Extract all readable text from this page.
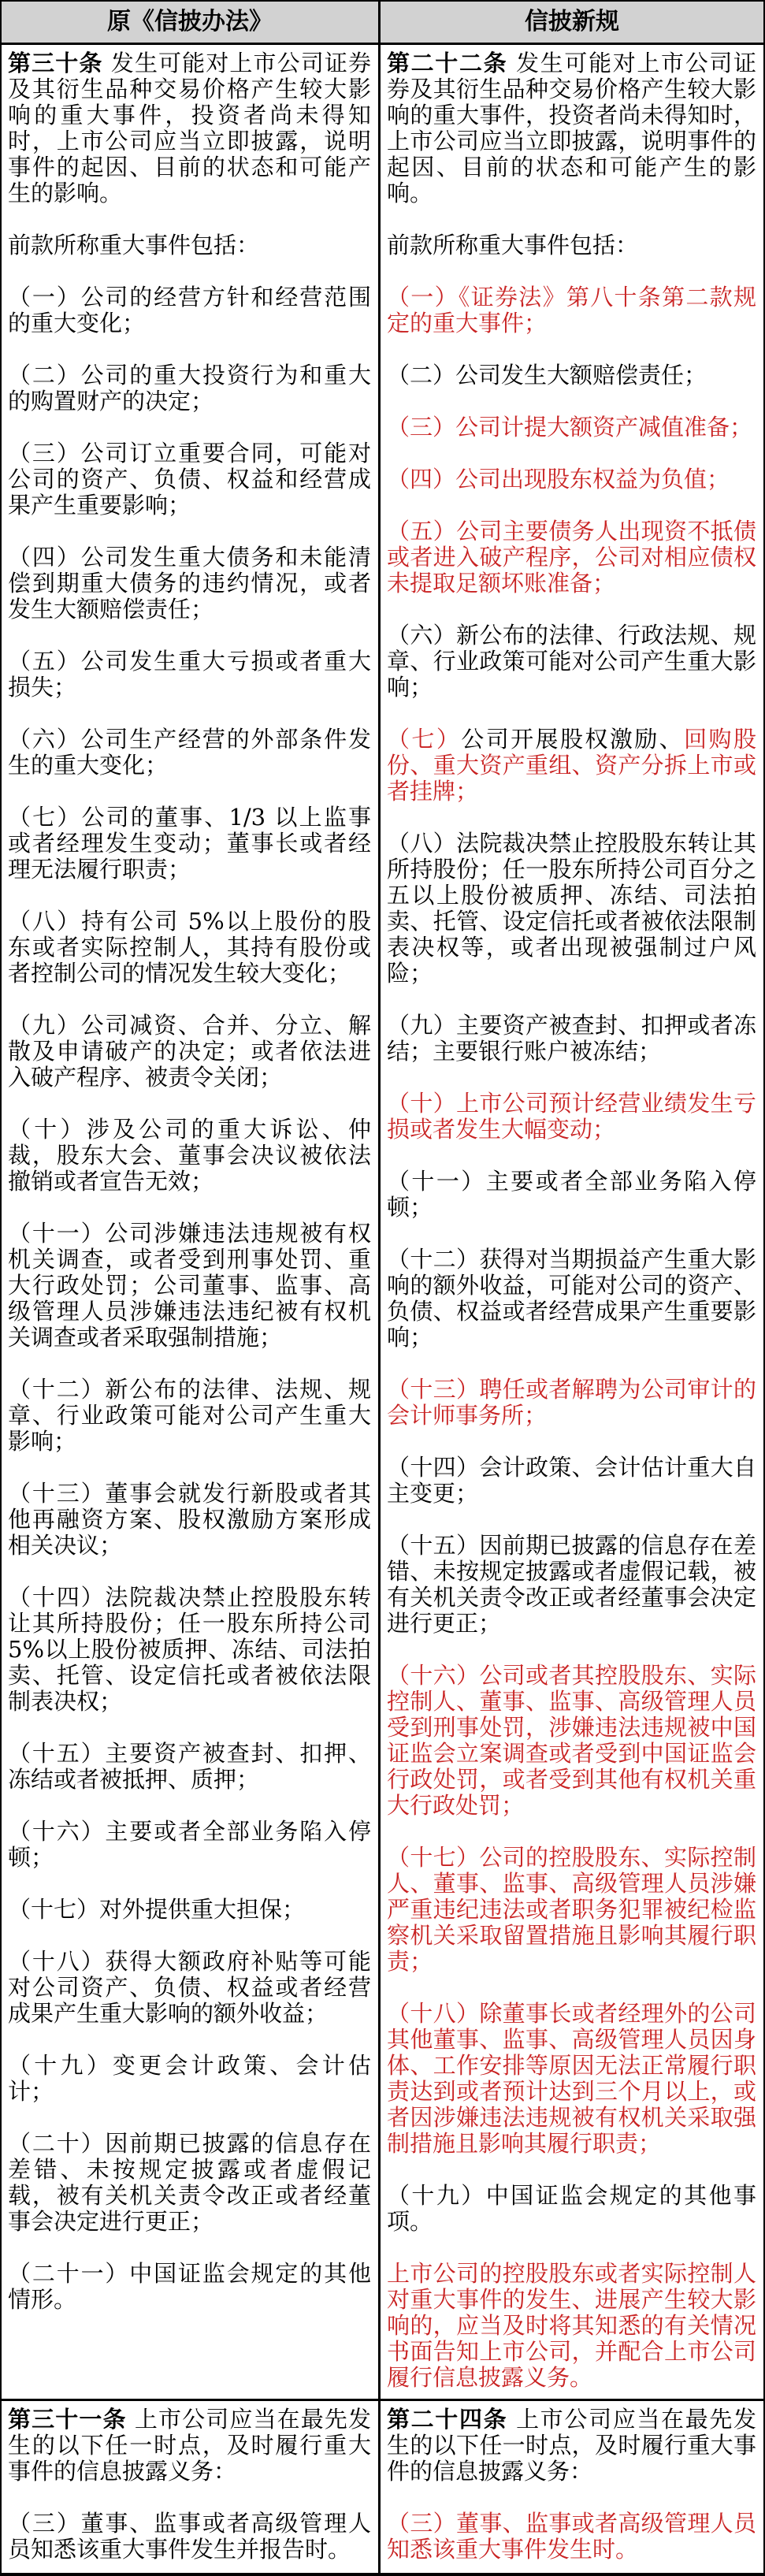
原《信披办法》	信披新规

第三十条 发生可能对上市公司证券及其衍生品种交易价格产生较大影响的重大事件，投资者尚未得知时，上市公司应当立即披露，说明事件的起因、目前的状态和可能产生的影响。

前款所称重大事件包括：

（一）公司的经营方针和经营范围的重大变化；

（二）公司的重大投资行为和重大的购置财产的决定；

（三）公司订立重要合同，可能对公司的资产、负债、权益和经营成果产生重要影响；

（四）公司发生重大债务和未能清偿到期重大债务的违约情况，或者发生大额赔偿责任；

（五）公司发生重大亏损或者重大损失；

（六）公司生产经营的外部条件发生的重大变化；

（七）公司的董事、1/3 以上监事或者经理发生变动；董事长或者经理无法履行职责；

（八）持有公司 5%以上股份的股东或者实际控制人，其持有股份或者控制公司的情况发生较大变化；

（九）公司减资、合并、分立、解散及申请破产的决定；或者依法进入破产程序、被责令关闭；

（十）涉及公司的重大诉讼、仲裁，股东大会、董事会决议被依法撤销或者宣告无效；

（十一）公司涉嫌违法违规被有权机关调查，或者受到刑事处罚、重大行政处罚；公司董事、监事、高级管理人员涉嫌违法违纪被有权机关调查或者采取强制措施；

（十二）新公布的法律、法规、规章、行业政策可能对公司产生重大影响；

（十三）董事会就发行新股或者其他再融资方案、股权激励方案形成相关决议；

（十四）法院裁决禁止控股股东转让其所持股份；任一股东所持公司 5%以上股份被质押、冻结、司法拍卖、托管、设定信托或者被依法限制表决权；

（十五）主要资产被查封、扣押、冻结或者被抵押、质押；

（十六）主要或者全部业务陷入停顿；

（十七）对外提供重大担保；

（十八）获得大额政府补贴等可能对公司资产、负债、权益或者经营成果产生重大影响的额外收益；

（十九）变更会计政策、会计估计；

（二十）因前期已披露的信息存在差错、未按规定披露或者虚假记载，被有关机关责令改正或者经董事会决定进行更正；

（二十一）中国证监会规定的其他情形。

第二十二条 发生可能对上市公司证券及其衍生品种交易价格产生较大影响的重大事件，投资者尚未得知时，上市公司应当立即披露，说明事件的起因、目前的状态和可能产生的影响。

前款所称重大事件包括：

（一）《证券法》第八十条第二款规定的重大事件；

（二）公司发生大额赔偿责任；

（三）公司计提大额资产减值准备；

（四）公司出现股东权益为负值；

（五）公司主要债务人出现资不抵债或者进入破产程序，公司对相应债权未提取足额坏账准备；

（六）新公布的法律、行政法规、规章、行业政策可能对公司产生重大影响；

（七）公司开展股权激励、回购股份、重大资产重组、资产分拆上市或者挂牌；

（八）法院裁决禁止控股股东转让其所持股份；任一股东所持公司百分之五以上股份被质押、冻结、司法拍卖、托管、设定信托或者被依法限制表决权等，或者出现被强制过户风险；

（九）主要资产被查封、扣押或者冻结；主要银行账户被冻结；

（十）上市公司预计经营业绩发生亏损或者发生大幅变动；

（十一）主要或者全部业务陷入停顿；

（十二）获得对当期损益产生重大影响的额外收益，可能对公司的资产、负债、权益或者经营成果产生重要影响；

（十三）聘任或者解聘为公司审计的会计师事务所；

（十四）会计政策、会计估计重大自主变更；

（十五）因前期已披露的信息存在差错、未按规定披露或者虚假记载，被有关机关责令改正或者经董事会决定进行更正；

（十六）公司或者其控股股东、实际控制人、董事、监事、高级管理人员受到刑事处罚，涉嫌违法违规被中国证监会立案调查或者受到中国证监会行政处罚，或者受到其他有权机关重大行政处罚；

（十七）公司的控股股东、实际控制人、董事、监事、高级管理人员涉嫌严重违纪违法或者职务犯罪被纪检监察机关采取留置措施且影响其履行职责；

（十八）除董事长或者经理外的公司其他董事、监事、高级管理人员因身体、工作安排等原因无法正常履行职责达到或者预计达到三个月以上，或者因涉嫌违法违规被有权机关采取强制措施且影响其履行职责；

（十九）中国证监会规定的其他事项。

上市公司的控股股东或者实际控制人对重大事件的发生、进展产生较大影响的，应当及时将其知悉的有关情况书面告知上市公司，并配合上市公司履行信息披露义务。

第三十一条 上市公司应当在最先发生的以下任一时点，及时履行重大事件的信息披露义务：

（三）董事、监事或者高级管理人员知悉该重大事件发生并报告时。

第二十四条 上市公司应当在最先发生的以下任一时点，及时履行重大事件的信息披露义务：

（三）董事、监事或者高级管理人员知悉该重大事件发生时。
